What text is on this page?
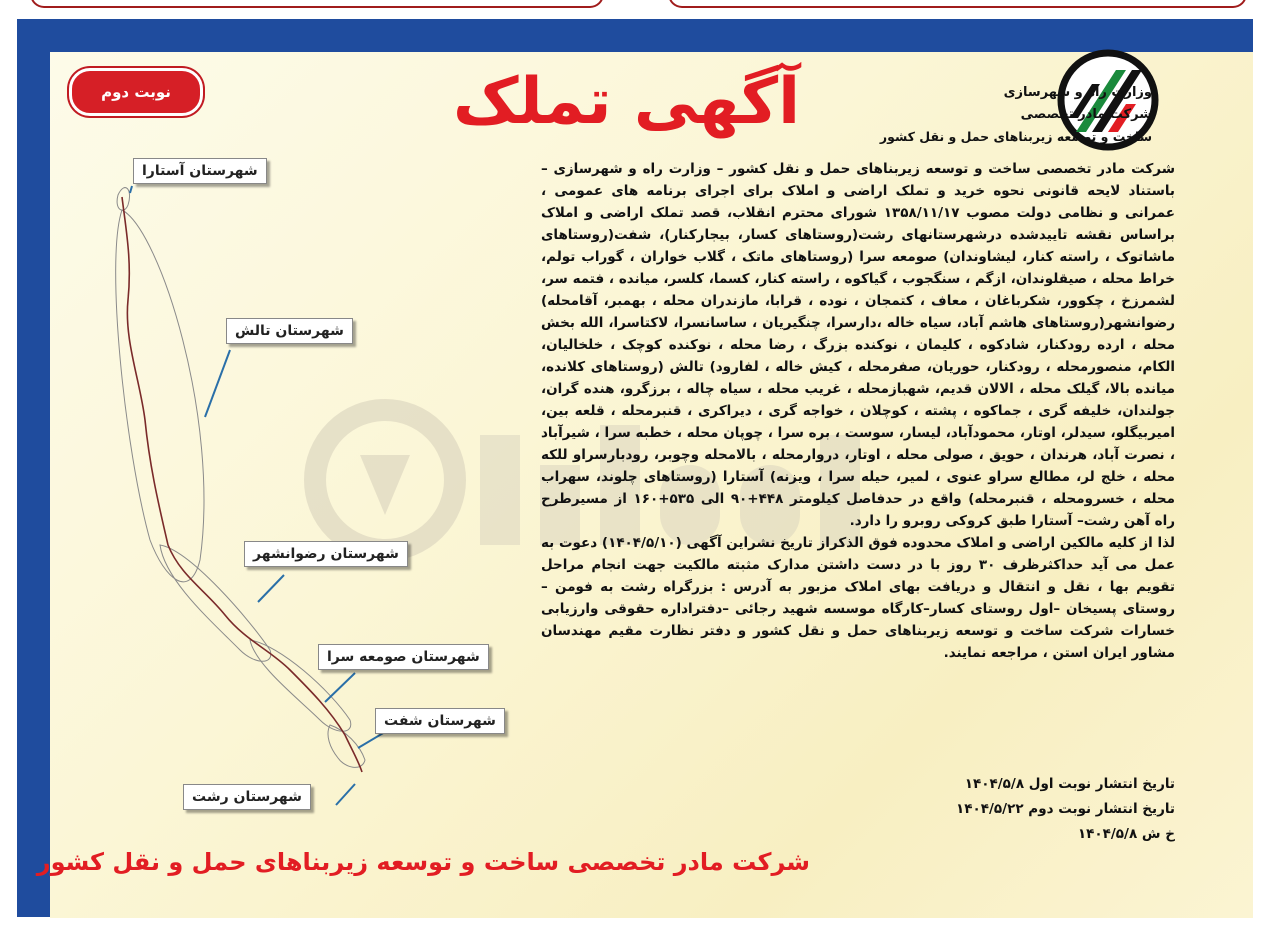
وزارت راه و شهرسازی
شرکت مادر تخصصی
ساخت و توسعه زیربناهای حمل و نقل کشور
آگهی تملک
نوبت دوم

شرکت مادر تخصصی ساخت و توسعه زیربناهای حمل و نقل کشور – وزارت راه و شهرسازی – باستناد لایحه قانونی نحوه خرید و تملک اراضی و املاک برای اجرای برنامه های عمومی ، عمرانی و نظامی دولت مصوب ۱۳۵۸/۱۱/۱۷ شورای محترم انقلاب، قصد تملک اراضی و املاک براساس نقشه تاییدشده درشهرستانهای رشت(روستاهای کسار، بیجارکنار)، شفت(روستاهای ماشاتوک ، راسته کنار، لیشاوندان) صومعه سرا (روستاهای ماتک ، گلاب خواران ، گوراب تولم، خراط محله ، صیقلوندان، ازگم ، سنگجوب ، گیاکوه ، راسته کنار، کسما، کلسر، میانده ، فتمه سر، لشمرزخ ، چکوور، شکرباغان ، معاف ، کتمجان ، نوده ، قرابا، مازندران محله ، بهمبر، آقامحله) رضوانشهر(روستاهای هاشم آباد، سیاه خاله ،دارسرا، چنگیریان ، ساسانسرا، لاکتاسرا، الله بخش محله ، ارده رودکنار، شادکوه ، کلیمان ، نوکنده بزرگ ، رضا محله ، نوکنده کوچک ، خلخالیان، الکام، منصورمحله ، رودکنار، حوریان، صفرمحله ، کیش خاله ، لفارود) تالش (روستاهای کلانده، میانده بالا، گیلک محله ، الالان قدیم، شهبازمحله ، غریب محله ، سیاه چاله ، برزگرو، هنده گران، جولندان، خلیفه گری ، جماکوه ، پشته ، کوچلان ، خواجه گری ، دیراکری ، قنبرمحله ، قلعه بین، امیربیگلو، سیدلر، اوتار، محمودآباد، لیسار، سوست ، بره سرا ، چوپان محله ، خطبه سرا ، شیرآباد ، نصرت آباد، هرندان ، حویق ، صولی محله ، اوتار، دروارمحله ، بالامحله وچوبر، رودبارسراو للکه محله ، خلج لر، مطالع سراو عنوی ، لمیر، حیله سرا ، ویزنه) آستارا (روستاهای چلوند، سهراب محله ، خسرومحله ، قنبرمحله) واقع در حدفاصل کیلومتر ۴۴۸+۹۰ الی ۵۳۵+۱۶۰ از مسیرطرح راه آهن رشت– آستارا طبق کروکی روبرو را دارد.

لذا از کلیه مالکین اراضی و املاک محدوده فوق الذکراز تاریخ نشراین آگهی (۱۴۰۴/۵/۱۰) دعوت به عمل می آید حداکثرظرف ۳۰ روز با در دست داشتن مدارک مثبته مالکیت جهت انجام مراحل تقویم بها ، نقل و انتقال و دریافت بهای املاک مزبور به آدرس : بزرگراه رشت به فومن –روستای پسیخان –اول روستای کسار–کارگاه موسسه شهید رجائی –دفتراداره حقوقی وارزیابی خسارات شرکت ساخت و توسعه زیربناهای حمل و نقل کشور و دفتر نظارت مقیم مهندسان مشاور ایران استن ، مراجعه نمایند.

تاریخ انتشار نوبت اول ۱۴۰۴/۵/۸
تاریخ انتشار نوبت دوم ۱۴۰۴/۵/۲۲
خ ش ۱۴۰۴/۵/۸
شرکت مادر تخصصی ساخت و توسعه زیربناهای حمل و نقل کشور
شهرستان آستارا
شهرستان تالش
شهرستان رضوانشهر
شهرستان صومعه سرا
شهرستان شفت
شهرستان رشت
